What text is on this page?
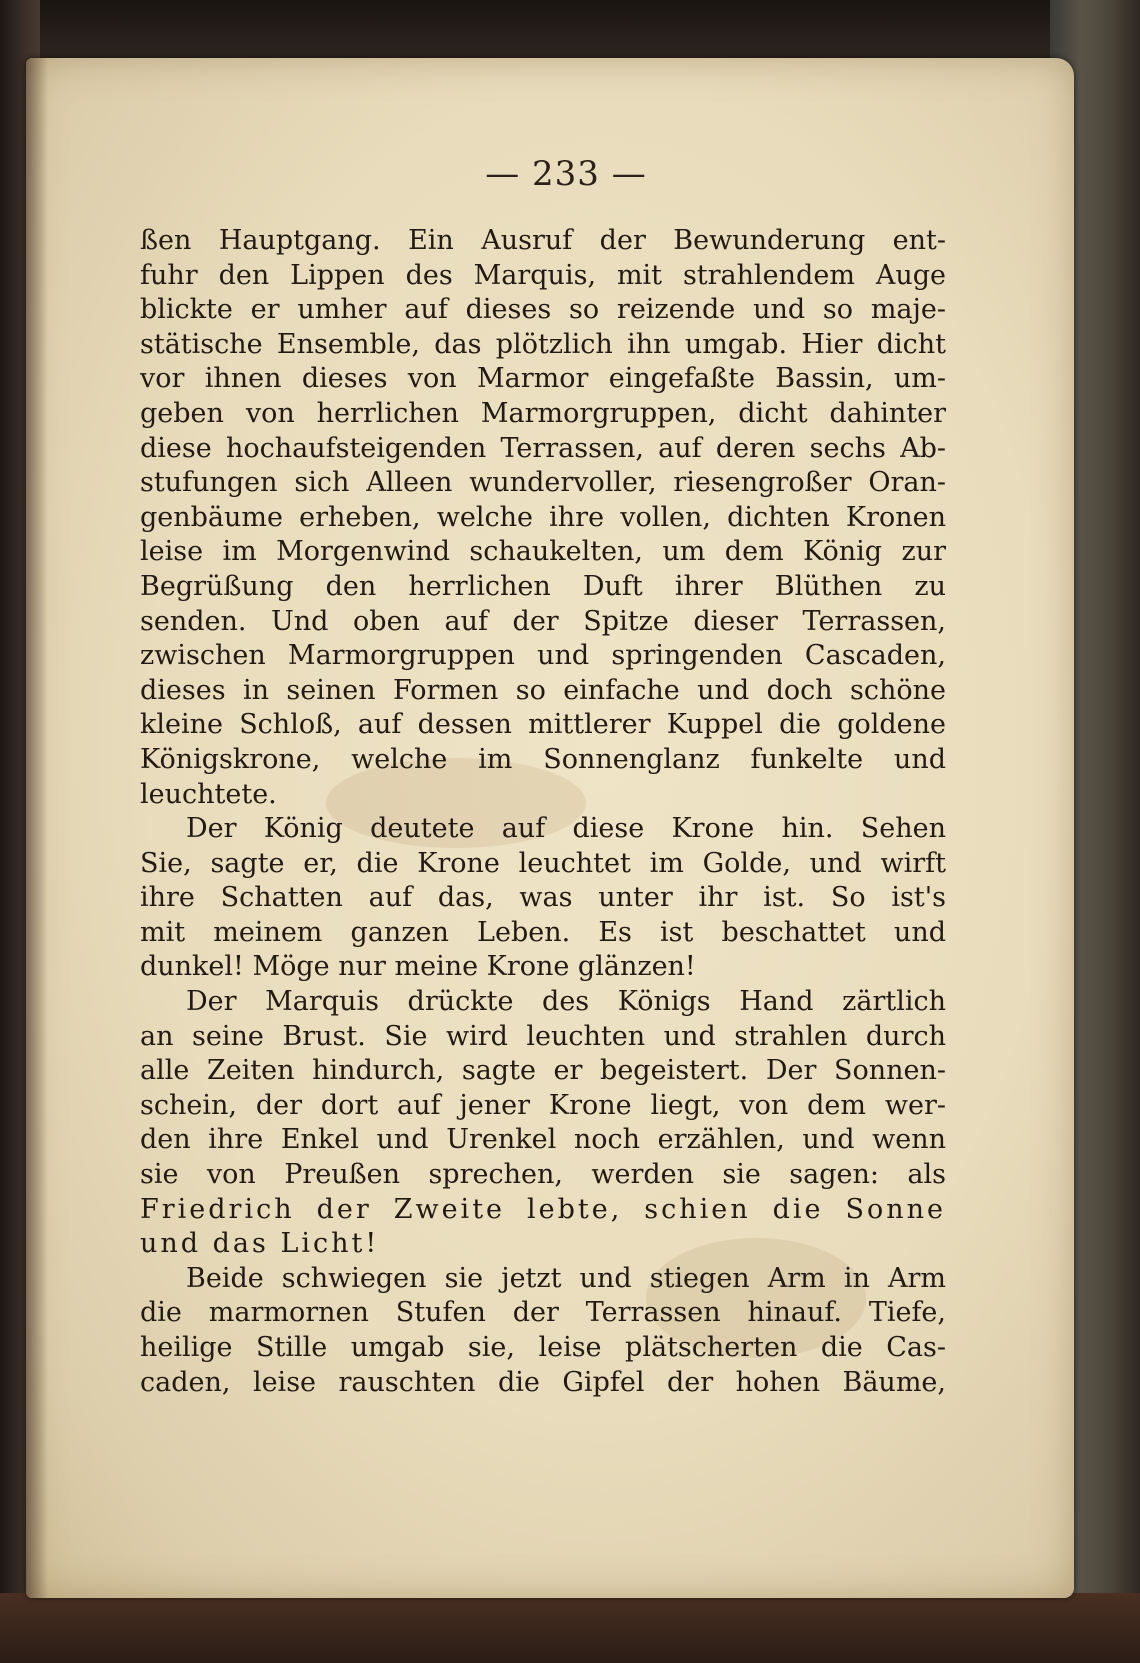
— 233 —
ßen Hauptgang. Ein Ausruf der Bewunderung ent-
fuhr den Lippen des Marquis, mit strahlendem Auge
blickte er umher auf dieses so reizende und so maje-
stätische Ensemble, das plötzlich ihn umgab. Hier dicht
vor ihnen dieses von Marmor eingefaßte Bassin, um-
geben von herrlichen Marmorgruppen, dicht dahinter
diese hochaufsteigenden Terrassen, auf deren sechs Ab-
stufungen sich Alleen wundervoller, riesengroßer Oran-
genbäume erheben, welche ihre vollen, dichten Kronen
leise im Morgenwind schaukelten, um dem König zur
Begrüßung den herrlichen Duft ihrer Blüthen zu
senden. Und oben auf der Spitze dieser Terrassen,
zwischen Marmorgruppen und springenden Cascaden,
dieses in seinen Formen so einfache und doch schöne
kleine Schloß, auf dessen mittlerer Kuppel die goldene
Königskrone, welche im Sonnenglanz funkelte und
leuchtete.
Der König deutete auf diese Krone hin. Sehen
Sie, sagte er, die Krone leuchtet im Golde, und wirft
ihre Schatten auf das, was unter ihr ist. So ist's
mit meinem ganzen Leben. Es ist beschattet und
dunkel! Möge nur meine Krone glänzen!
Der Marquis drückte des Königs Hand zärtlich
an seine Brust. Sie wird leuchten und strahlen durch
alle Zeiten hindurch, sagte er begeistert. Der Sonnen-
schein, der dort auf jener Krone liegt, von dem wer-
den ihre Enkel und Urenkel noch erzählen, und wenn
sie von Preußen sprechen, werden sie sagen: als
Friedrich der Zweite lebte, schien die Sonne
und das Licht!
Beide schwiegen sie jetzt und stiegen Arm in Arm
die marmornen Stufen der Terrassen hinauf. Tiefe,
heilige Stille umgab sie, leise plätscherten die Cas-
caden, leise rauschten die Gipfel der hohen Bäume,
